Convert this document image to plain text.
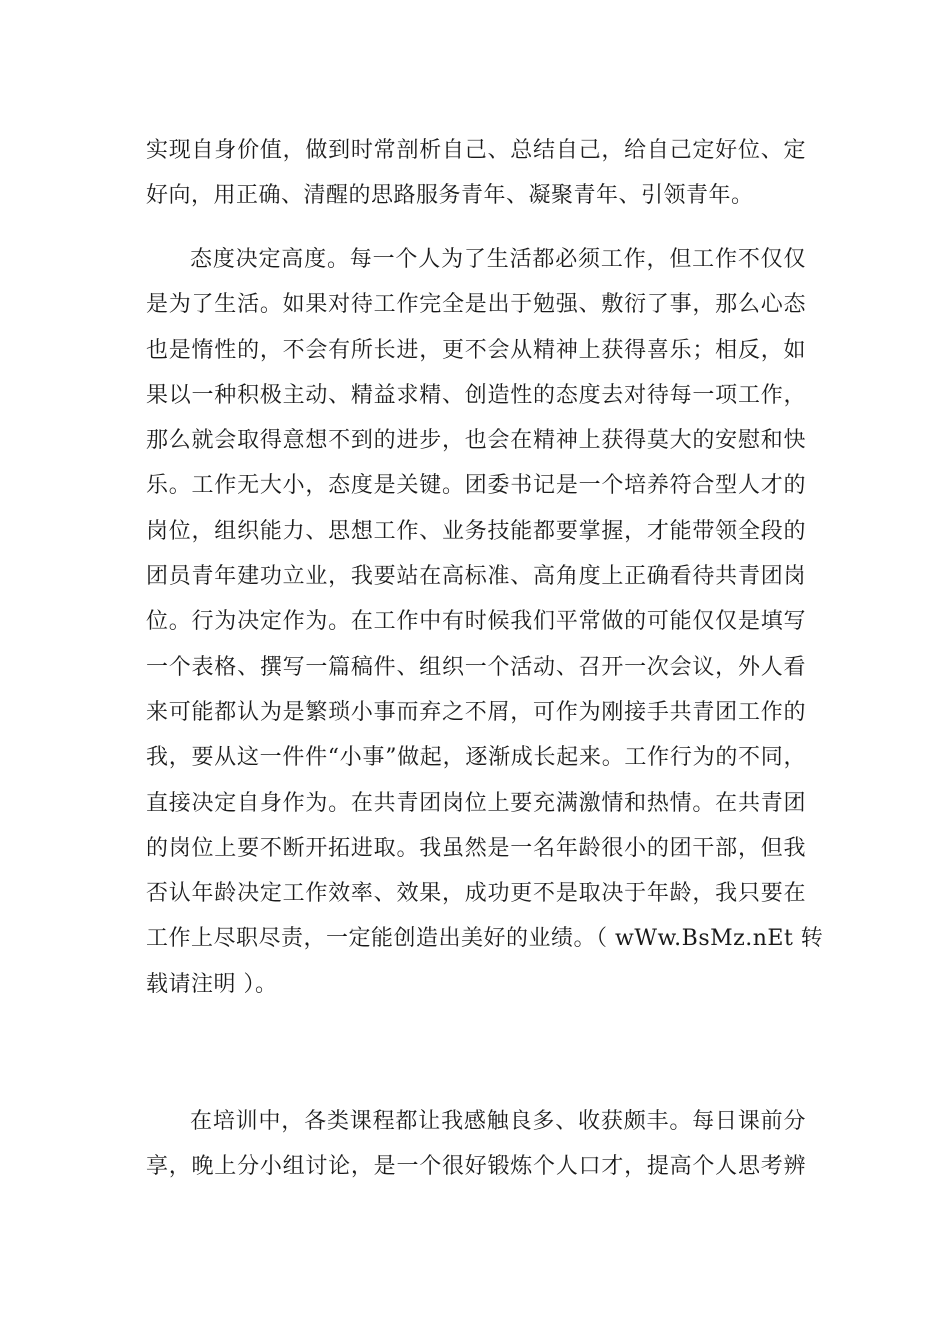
实现自身价值，做到时常剖析自己、总结自己，给自己定好位、定
好向，用正确、清醒的思路服务青年、凝聚青年、引领青年。
态度决定高度。每一个人为了生活都必须工作，但工作不仅仅
是为了生活。如果对待工作完全是出于勉强、敷衍了事，那么心态
也是惰性的，不会有所长进，更不会从精神上获得喜乐；相反，如
果以一种积极主动、精益求精、创造性的态度去对待每一项工作，
那么就会取得意想不到的进步，也会在精神上获得莫大的安慰和快
乐。工作无大小，态度是关键。团委书记是一个培养符合型人才的
岗位，组织能力、思想工作、业务技能都要掌握，才能带领全段的
团员青年建功立业，我要站在高标准、高角度上正确看待共青团岗
位。行为决定作为。在工作中有时候我们平常做的可能仅仅是填写
一个表格、撰写一篇稿件、组织一个活动、召开一次会议，外人看
来可能都认为是繁琐小事而弃之不屑，可作为刚接手共青团工作的
我，要从这一件件“小事”做起，逐渐成长起来。工作行为的不同，
直接决定自身作为。在共青团岗位上要充满激情和热情。在共青团
的岗位上要不断开拓进取。我虽然是一名年龄很小的团干部，但我
否认年龄决定工作效率、效果，成功更不是取决于年龄，我只要在
工作上尽职尽责，一定能创造出美好的业绩。（ wWw.BsMz.nEt 转
载请注明 ）。
在培训中，各类课程都让我感触良多、收获颇丰。每日课前分
享，晚上分小组讨论，是一个很好锻炼个人口才，提高个人思考辨
